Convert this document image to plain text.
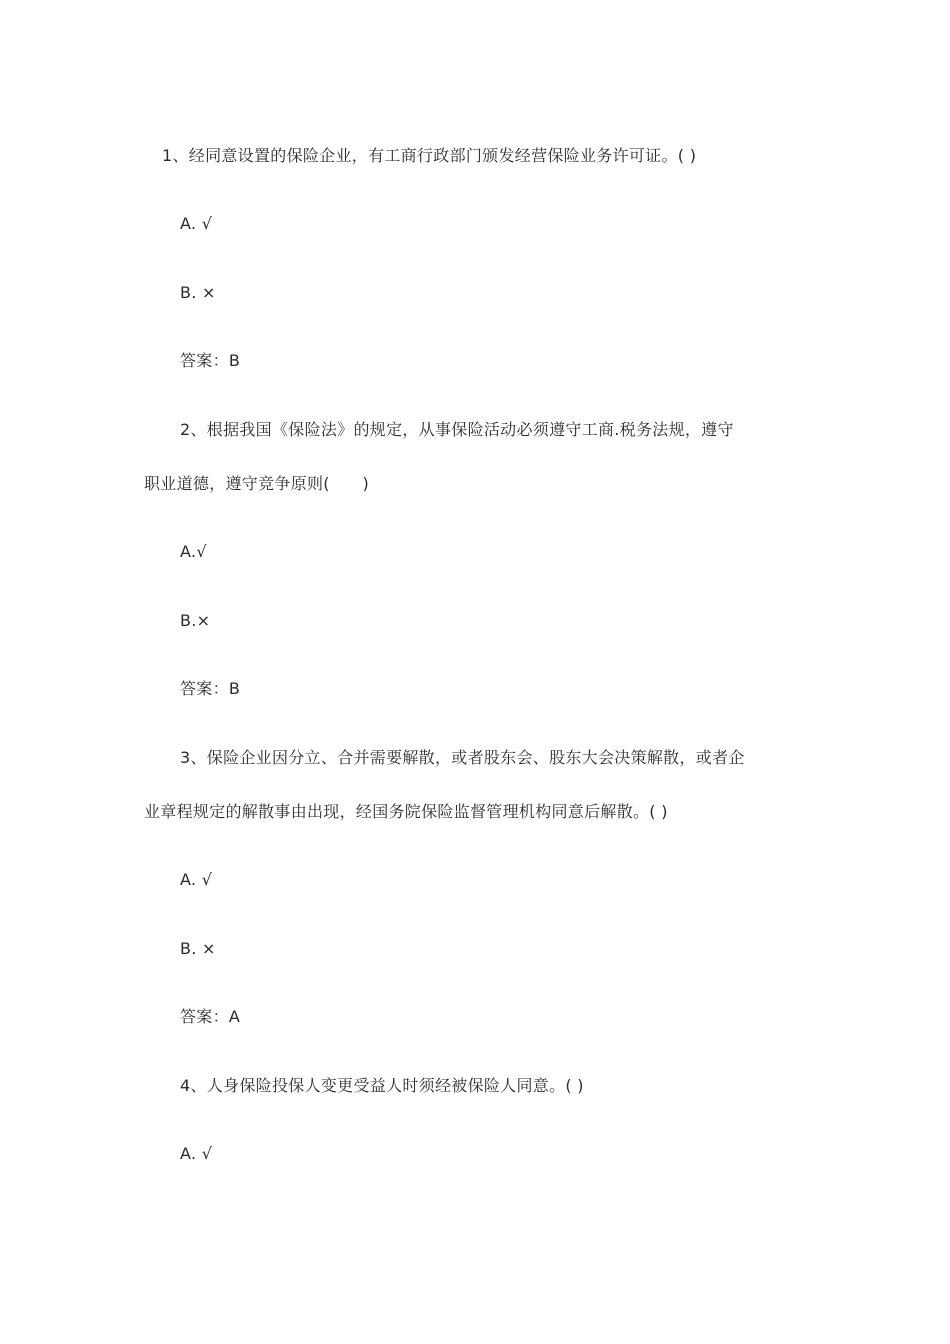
1、经同意设置的保险企业，有工商行政部门颁发经营保险业务许可证。( )
A. √
B. ×
答案：B
2、根据我国《保险法》的规定，从事保险活动必须遵守工商.税务法规，遵守
职业道德，遵守竞争原则(　　)
A.√
B.×
答案：B
3、保险企业因分立、合并需要解散，或者股东会、股东大会决策解散，或者企
业章程规定的解散事由出现，经国务院保险监督管理机构同意后解散。( )
A. √
B. ×
答案：A
4、人身保险投保人变更受益人时须经被保险人同意。( )
A. √
